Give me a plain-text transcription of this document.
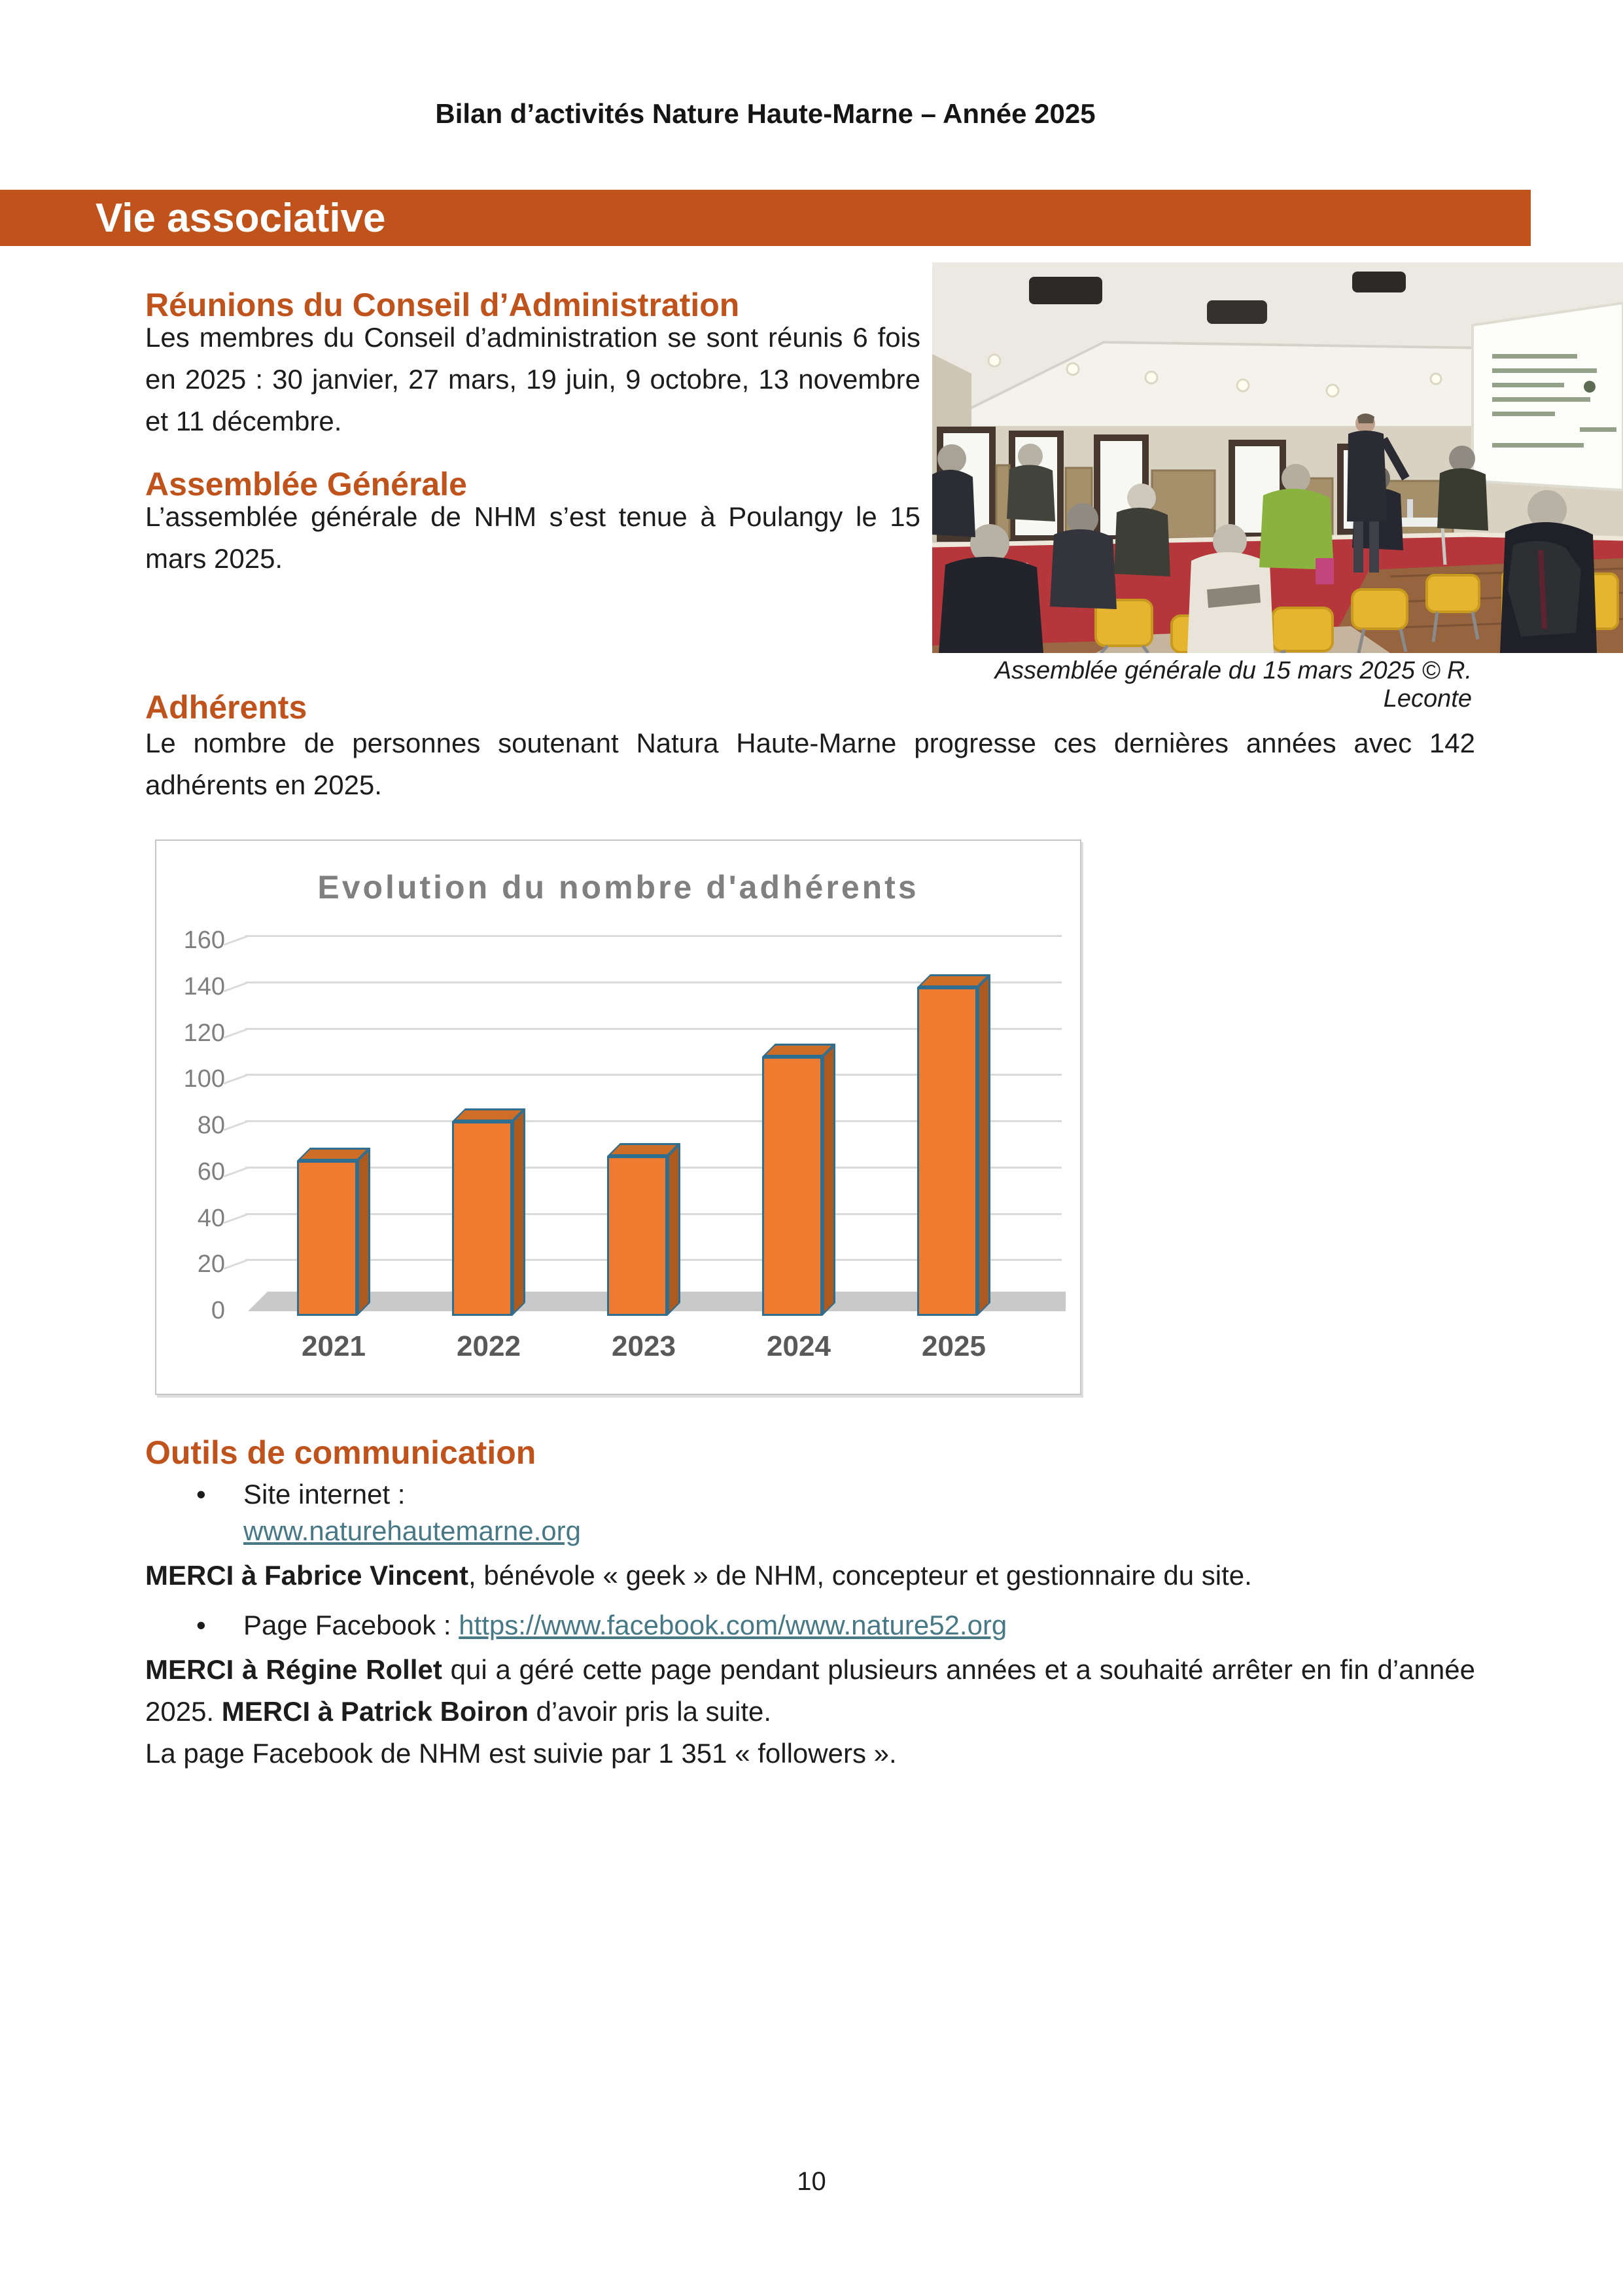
Bilan d’activités Nature Haute-Marne – Année 2025
Vie associative
Réunions du Conseil d’Administration

Les membres du Conseil d’administration se sont réunis 6 fois en 2025 : 30 janvier, 27 mars, 19 juin, 9 octobre, 13 novembre et 11 décembre.

Assemblée Générale

L’assemblée générale de NHM s’est tenue à Poulangy le 15 mars 2025.

Assemblée générale du 15 mars 2025 © R. Leconte
Adhérents

Le nombre de personnes soutenant Natura Haute-Marne progresse ces dernières années avec 142 adhérents en 2025.

Evolution du nombre d'adhérents
0
20
40
60
80
100
120
140
160
2021	2022	2023	2024	2025
Outils de communication
• Site internet :
www.naturehautemarne.org

MERCI à Fabrice Vincent, bénévole « geek » de NHM, concepteur et gestionnaire du site.

• Page Facebook : https://www.facebook.com/www.nature52.org

MERCI à Régine Rollet qui a géré cette page pendant plusieurs années et a souhaité arrêter en fin d’année 2025. MERCI à Patrick Boiron d’avoir pris la suite.

La page Facebook de NHM est suivie par 1 351 « followers ».

10
